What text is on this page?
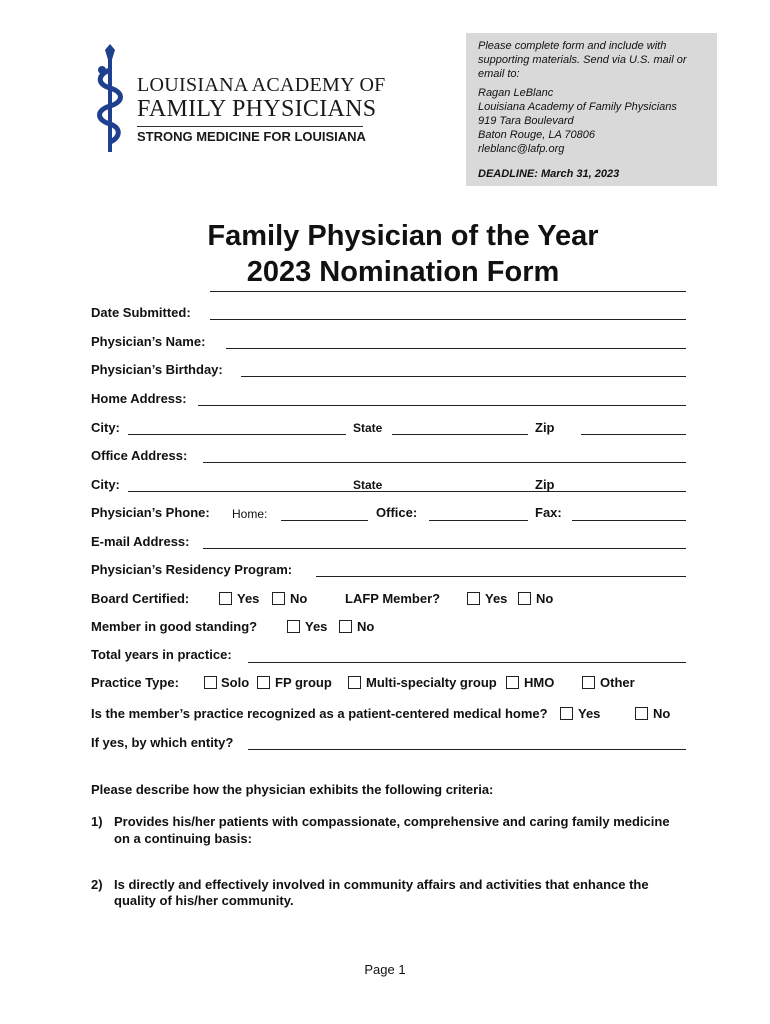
LOUISIANA ACADEMY OF
FAMILY PHYSICIANS
STRONG MEDICINE FOR LOUISIANA
Please complete form and include with
supporting materials. Send via U.S. mail or
email to:
Ragan LeBlanc
Louisiana Academy of Family Physicians
919 Tara Boulevard
Baton Rouge, LA 70806
rleblanc@lafp.org
DEADLINE: March 31, 2023
Family Physician of the Year
2023 Nomination Form
Date Submitted:
Physician’s Name:
Physician’s Birthday:
Home Address:
City:	State	Zip
Office Address:
City:	State	Zip
Physician’s Phone: Home:	Office:	Fax:
E-mail Address:
Physician’s Residency Program:
Board Certified:	Yes No	LAFP Member?	Yes No
Member in good standing?	Yes No
Total years in practice:
Practice Type:	Solo FP group	Multi-specialty group HMO	Other
Is the member’s practice recognized as a patient-centered medical home? Yes	No
If yes, by which entity?
Please describe how the physician exhibits the following criteria:
1) Provides his/her patients with compassionate, comprehensive and caring family medicine
on a continuing basis:
2) Is directly and effectively involved in community affairs and activities that enhance the
quality of his/her community.
Page 1
